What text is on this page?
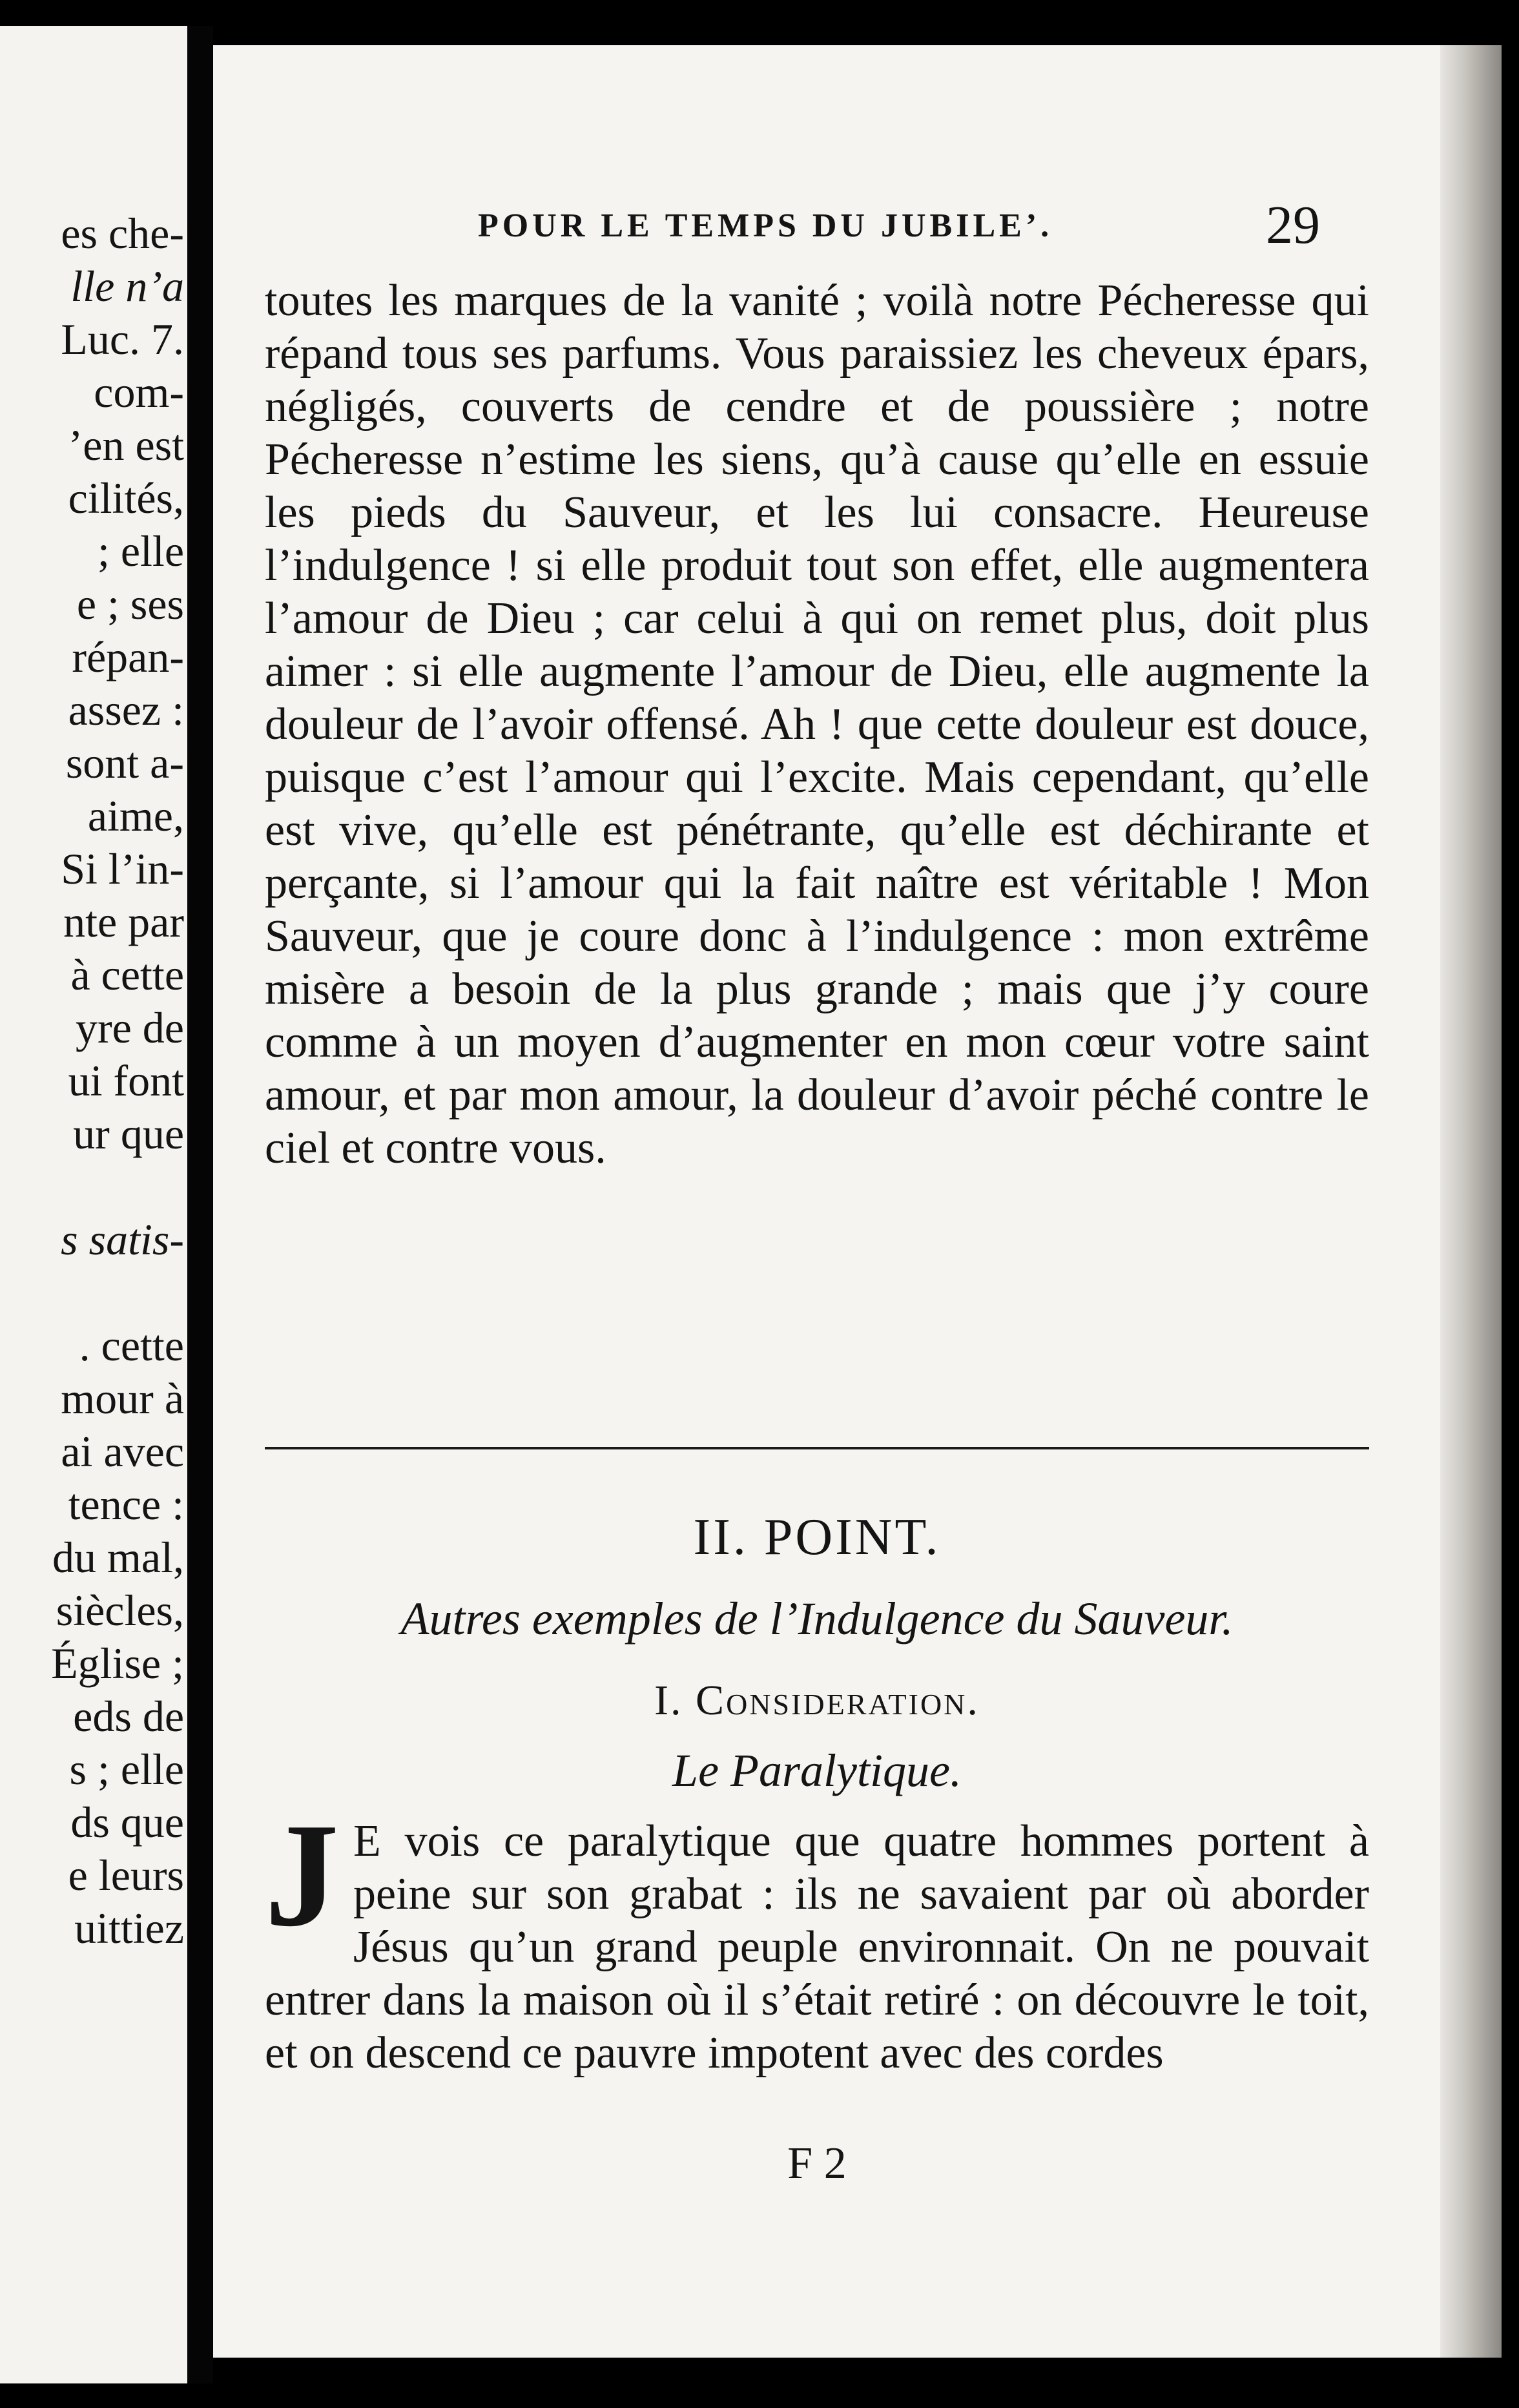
es che-
lle n’a
Luc. 7.
com-
’en est
cilités,
; elle
e ; ses
répan-
assez :
sont a-
aime,
Si l’in-
nte par
à cette
yre de
ui font
ur que
s satis-
. cette
mour à
ai avec
tence :
du mal,
siècles,
Église ;
eds de
s ; elle
ds que
e leurs
uittiez
POUR LE TEMPS DU JUBILE’.	29

toutes les marques de la vanité ; voilà notre Pécheresse qui répand tous ses parfums. Vous paraissiez les cheveux épars, négligés, couverts de cendre et de poussière ; notre Pécheresse n’estime les siens, qu’à cause qu’elle en essuie les pieds du Sauveur, et les lui consacre. Heureuse l’indulgence ! si elle produit tout son effet, elle augmentera l’amour de Dieu ; car celui à qui on remet plus, doit plus aimer : si elle augmente l’amour de Dieu, elle augmente la douleur de l’avoir offensé. Ah ! que cette douleur est douce, puisque c’est l’amour qui l’excite. Mais cependant, qu’elle est vive, qu’elle est pénétrante, qu’elle est déchirante et perçante, si l’amour qui la fait naître est véritable ! Mon Sauveur, que je coure donc à l’indulgence : mon extrême misère a besoin de la plus grande ; mais que j’y coure comme à un moyen d’augmenter en mon cœur votre saint amour, et par mon amour, la douleur d’avoir péché contre le ciel et contre vous.

II. POINT.
Autres exemples de l’Indulgence du Sauveur.
I. Consideration.
Le Paralytique.
J E vois ce paralytique que quatre hommes portent à peine sur son grabat : ils ne savaient par où aborder Jésus qu’un grand peuple environnait. On ne pouvait entrer dans la maison où il s’était retiré : on découvre le toit, et on descend ce pauvre impotent avec des cordes
F 2
